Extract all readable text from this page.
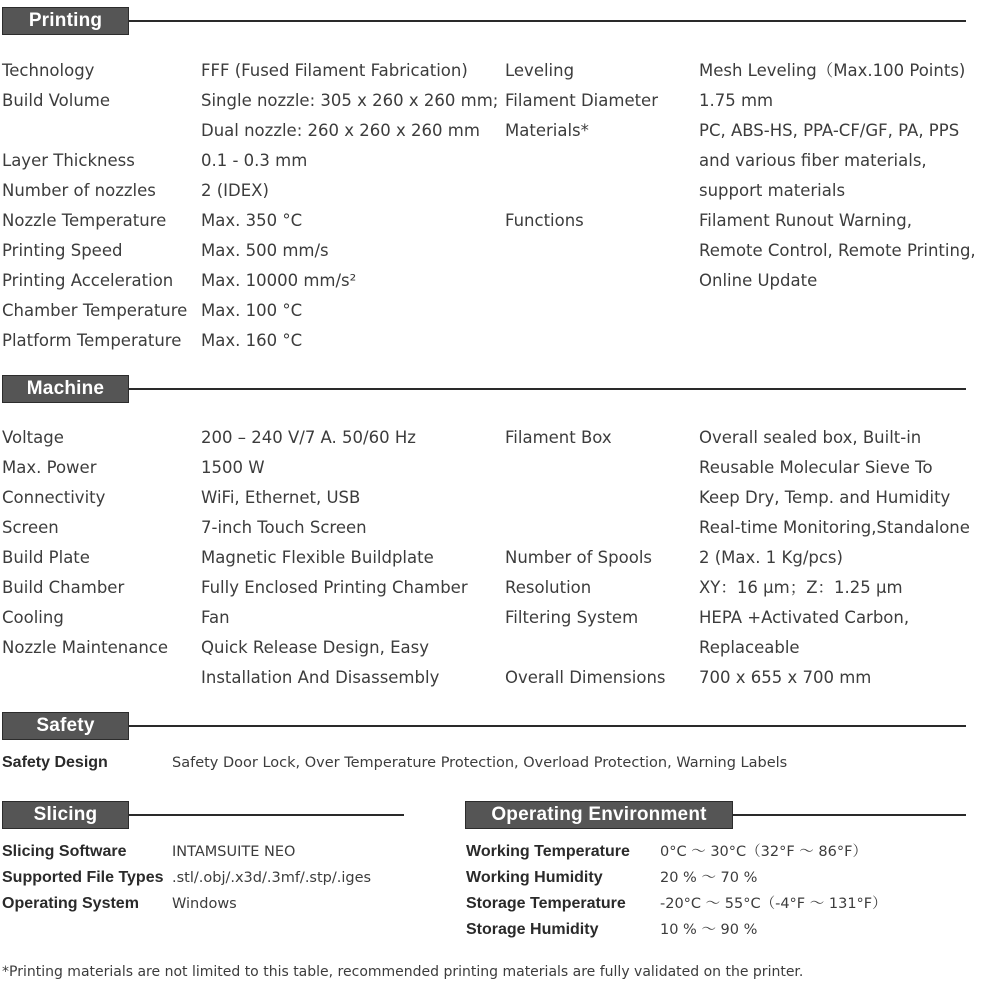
Printing
Technology	FFF (Fused Filament Fabrication)
Build Volume	Single nozzle: 305 x 260 x 260 mm;
Dual nozzle: 260 x 260 x 260 mm
Layer Thickness	0.1 - 0.3 mm
Number of nozzles	2 (IDEX)
Nozzle Temperature Max. 350 °C
Printing Speed	Max. 500 mm/s
Printing Acceleration Max. 10000 mm/s²
Chamber Temperature Max. 100 °C
Platform Temperature Max. 160 °C
Leveling	Mesh Leveling（Max.100 Points)
Filament Diameter 1.75 mm
Materials*	PC, ABS-HS, PPA-CF/GF, PA, PPS
and various fiber materials,
support materials
Functions	Filament Runout Warning,
Remote Control, Remote Printing,
Online Update
Machine
Voltage	200 – 240 V/7 A. 50/60 Hz
Max. Power	1500 W
Connectivity	WiFi, Ethernet, USB
Screen	7-inch Touch Screen
Build Plate	Magnetic Flexible Buildplate
Build Chamber	Fully Enclosed Printing Chamber
Cooling	Fan
Nozzle Maintenance Quick Release Design, Easy
Installation And Disassembly
Filament Box	Overall sealed box, Built-in
Reusable Molecular Sieve To
Keep Dry, Temp. and Humidity
Real-time Monitoring,Standalone
Number of Spools	2 (Max. 1 Kg/pcs)
Resolution	XY：16 μm；Z：1.25 μm
Filtering System	HEPA +Activated Carbon,
Replaceable
Overall Dimensions 700 x 655 x 700 mm
Safety
Safety Design	Safety Door Lock, Over Temperature Protection, Overload Protection, Warning Labels
Slicing
Slicing Software	INTAMSUITE NEO
Supported File Types .stl/.obj/.x3d/.3mf/.stp/.iges
Operating System Windows
Operating Environment
Working Temperature 0°C ～ 30°C（32°F ～ 86°F）
Working Humidity	20 % ～ 70 %
Storage Temperature -20°C ～ 55°C（-4°F ～ 131°F）
Storage Humidity	10 % ～ 90 %
*Printing materials are not limited to this table, recommended printing materials are fully validated on the printer.
